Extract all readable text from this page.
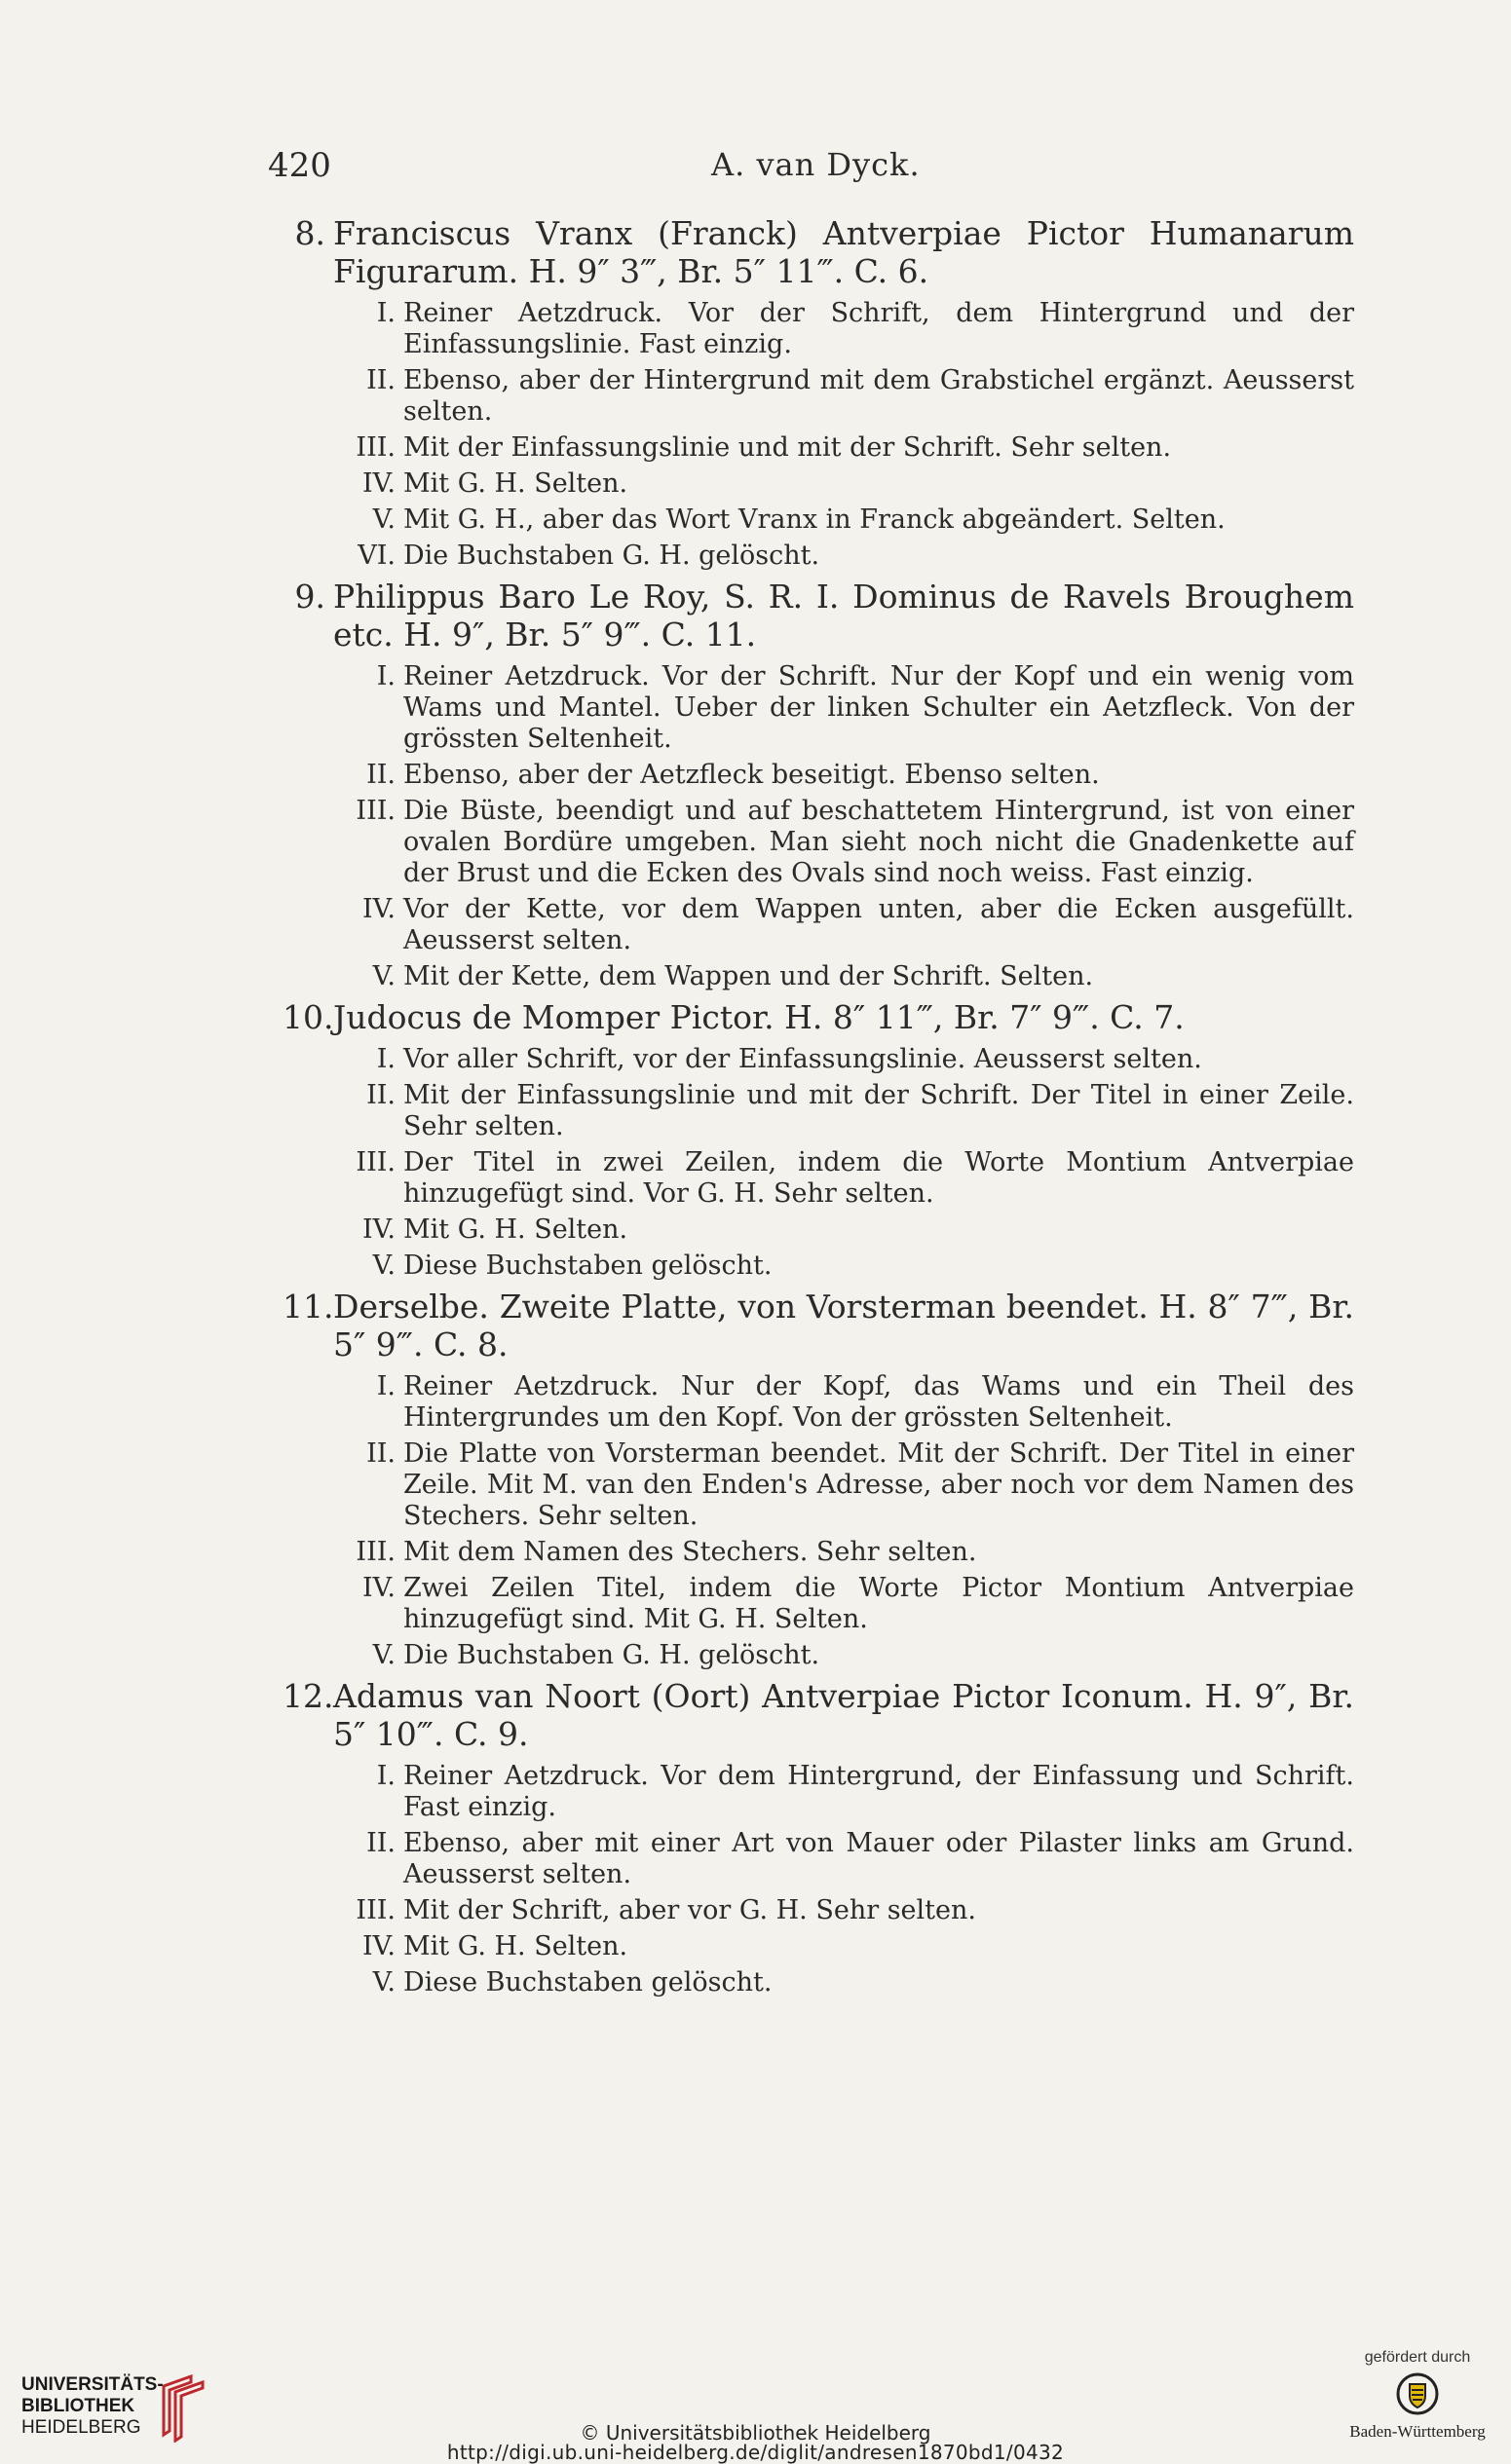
420	A. van Dyck.
8. Franciscus Vranx (Franck) Antverpiae Pictor Humanarum Figurarum. H. 9″ 3‴, Br. 5″ 11‴. C. 6.
I. Reiner Aetzdruck. Vor der Schrift, dem Hintergrund und der Einfassungslinie. Fast einzig.
II. Ebenso, aber der Hintergrund mit dem Grabstichel ergänzt. Aeusserst selten.
III. Mit der Einfassungslinie und mit der Schrift. Sehr selten.
IV. Mit G. H. Selten.
V. Mit G. H., aber das Wort Vranx in Franck abgeändert. Selten.
VI. Die Buchstaben G. H. gelöscht.
9. Philippus Baro Le Roy, S. R. I. Dominus de Ravels Broughem etc. H. 9″, Br. 5″ 9‴. C. 11.
I. Reiner Aetzdruck. Vor der Schrift. Nur der Kopf und ein wenig vom Wams und Mantel. Ueber der linken Schulter ein Aetzfleck. Von der grössten Seltenheit.
II. Ebenso, aber der Aetzfleck beseitigt. Ebenso selten.
III. Die Büste, beendigt und auf beschattetem Hintergrund, ist von einer ovalen Bordüre umgeben. Man sieht noch nicht die Gnadenkette auf der Brust und die Ecken des Ovals sind noch weiss. Fast einzig.
IV. Vor der Kette, vor dem Wappen unten, aber die Ecken ausgefüllt. Aeusserst selten.
V. Mit der Kette, dem Wappen und der Schrift. Selten.
10. Judocus de Momper Pictor. H. 8″ 11‴, Br. 7″ 9‴. C. 7.
I. Vor aller Schrift, vor der Einfassungslinie. Aeusserst selten.
II. Mit der Einfassungslinie und mit der Schrift. Der Titel in einer Zeile. Sehr selten.
III. Der Titel in zwei Zeilen, indem die Worte Montium Antverpiae hinzugefügt sind. Vor G. H. Sehr selten.
IV. Mit G. H. Selten.
V. Diese Buchstaben gelöscht.
11. Derselbe. Zweite Platte, von Vorsterman beendet. H. 8″ 7‴, Br. 5″ 9‴. C. 8.
I. Reiner Aetzdruck. Nur der Kopf, das Wams und ein Theil des Hintergrundes um den Kopf. Von der grössten Seltenheit.
II. Die Platte von Vorsterman beendet. Mit der Schrift. Der Titel in einer Zeile. Mit M. van den Enden's Adresse, aber noch vor dem Namen des Stechers. Sehr selten.
III. Mit dem Namen des Stechers. Sehr selten.
IV. Zwei Zeilen Titel, indem die Worte Pictor Montium Antverpiae hinzugefügt sind. Mit G. H. Selten.
V. Die Buchstaben G. H. gelöscht.
12. Adamus van Noort (Oort) Antverpiae Pictor Iconum. H. 9″, Br. 5″ 10‴. C. 9.
I. Reiner Aetzdruck. Vor dem Hintergrund, der Einfassung und Schrift. Fast einzig.
II. Ebenso, aber mit einer Art von Mauer oder Pilaster links am Grund. Aeusserst selten.
III. Mit der Schrift, aber vor G. H. Sehr selten.
IV. Mit G. H. Selten.
V. Diese Buchstaben gelöscht.
UNIVERSITÄTS-
BIBLIOTHEK
HEIDELBERG	© Universitätsbibliothek Heidelberg
http://digi.ub.uni-heidelberg.de/diglit/andresen1870bd1/0432
gefördert durch
Baden-Württemberg
